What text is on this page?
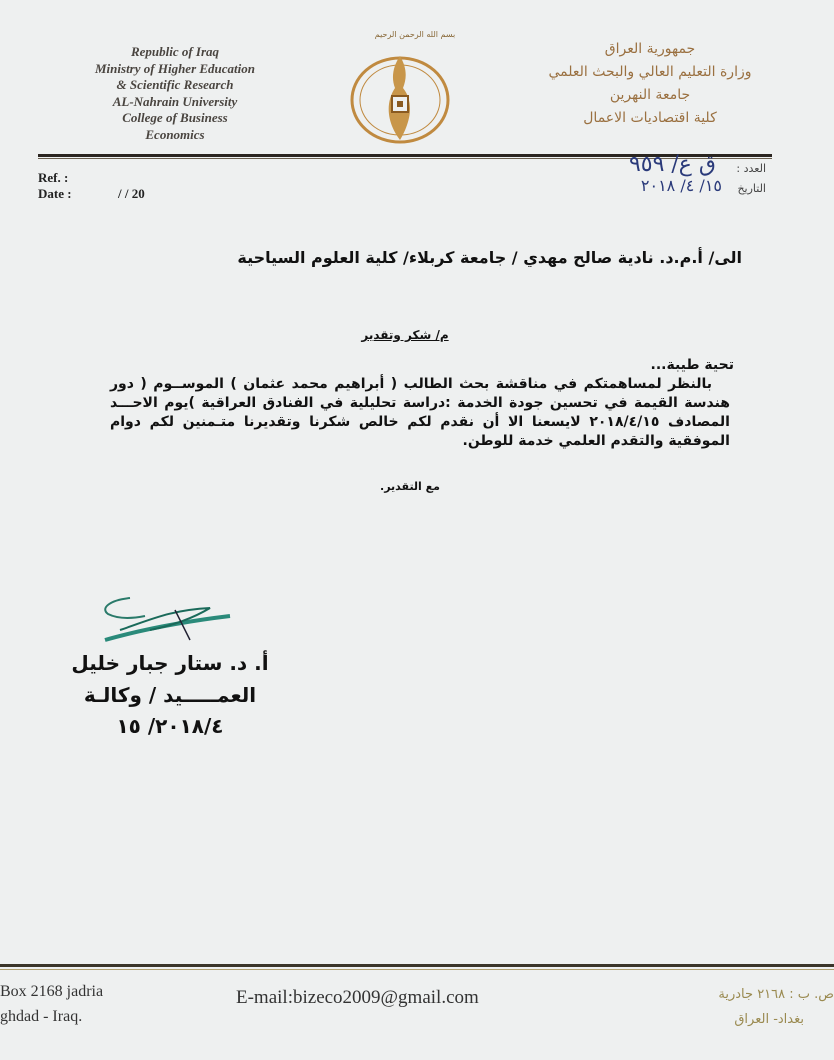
بسم الله الرحمن الرحيم
Republic of Iraq
Ministry of Higher Education
& Scientific Research
AL-Nahrain University
College of Business
Economics
جمهورية العراق
وزارة التعليم العالي والبحث العلمي
جامعة النهرين
كلية اقتصاديات الاعمال
Ref. :
Date :	/ / 20
العدد :
ق ع/ ٩٥٩
التاريخ
١٥/ ٤/ ٢٠١٨
الى/ أ.م.د. نادية صالح مهدي / جامعة كربلاء/ كلية العلوم السياحية
م/ شكر وتقدير
تحية طيبة...
بالنظر لمساهمتكم في مناقشة بحث الطالب ( أبراهيم محمد عثمان ) الموســوم ( دور هندسة القيمة في تحسين جودة الخدمة :دراسة تحليلية في الفنادق العراقية )يوم الاحـــد المصادف ٢٠١٨/٤/١٥ لايسعنا الا أن نقدم لكم خالص شكرنا وتقديرنا متـمنين لكم دوام الموفقية والتقدم العلمي خدمة للوطن.
مع التقدير.
أ. د. ستار جبار خليل
العمـــــيد / وكالـة
٢٠١٨/٤/ ١٥
Box 2168 jadria
ghdad - Iraq.
E-mail:bizeco2009@gmail.com	ص. ب : ٢١٦٨ جادرية
بغداد- العراق
